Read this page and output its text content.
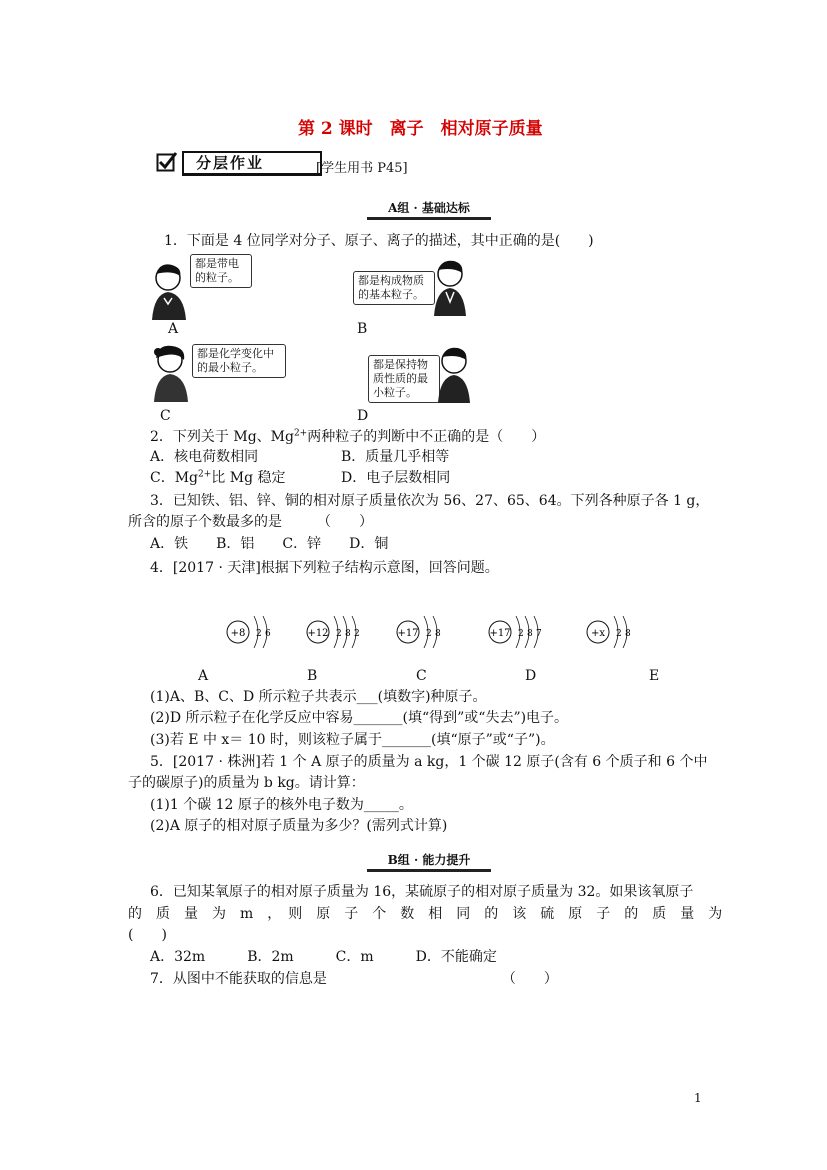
第 2 课时　离子　相对原子质量
分层作业	[学生用书 P45]
A组 · 基础达标
1．下面是 4 位同学对分子、原子、离子的描述，其中正确的是(　　)
都是带电的粒子。
A
都是构成物质的基本粒子。
B
都是化学变化中的最小粒子。
C
都是保持物质性质的最小粒子。
D
2．下列关于 Mg、$Mg^{2+}$两种粒子的判断中不正确的是（　　）
A．核电荷数相同	B．质量几乎相等
C．$Mg^{2+}$比 Mg 稳定	D．电子层数相同
3．已知铁、铝、锌、铜的相对原子质量依次为 56、27、65、64。下列各种原子各 1 g，
所含的原子个数最多的是　　　（　　）
A．铁　　B．铝　　C．锌　　D．铜
4．[2017 · 天津]根据下列粒子结构示意图，回答问题。
+8 2 6
A
+12 2 8 2
B
+17 2 8
C
+17 2 8 7
D
+x 2 8
E
(1)A、B、C、D 所示粒子共表示___(填数字)种原子。
(2)D 所示粒子在化学反应中容易_______(填“得到”或“失去”)电子。
(3)若 E 中 x＝ 10 时，则该粒子属于_______(填“原子”或“子”)。
5．[2017 · 株洲]若 1 个 A 原子的质量为 a kg，1 个碳 12 原子(含有 6 个质子和 6 个中
子的碳原子)的质量为 b kg。请计算：
(1)1 个碳 12 原子的核外电子数为_____。
(2)A 原子的相对原子质量为多少？(需列式计算)
B组 · 能力提升
6．已知某氧原子的相对原子质量为 16，某硫原子的相对原子质量为 32。如果该氧原子
的　质　量　为　m　，　则　原　子　个　数　相　同　的　该　硫　原　子　的　质　量　为
(　　)
A．32m　　　B．2m　　　C．m　　　D．不能确定
7．从图中不能获取的信息是　　　　　　　　　　　　　（　　）
1
